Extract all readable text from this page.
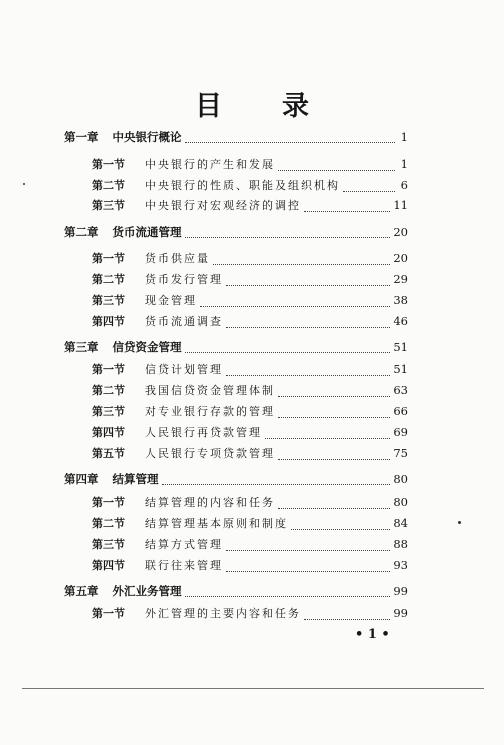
目 录
第一章 中央银行概论	1
第一节 中央银行的产生和发展	1
第二节 中央银行的性质、职能及组织机构	6
第三节 中央银行对宏观经济的调控	11
第二章 货币流通管理	20
第一节 货币供应量	20
第二节 货币发行管理	29
第三节 现金管理	38
第四节 货币流通调查	46
第三章 信贷资金管理	51
第一节 信贷计划管理	51
第二节 我国信贷资金管理体制	63
第三节 对专业银行存款的管理	66
第四节 人民银行再贷款管理	69
第五节 人民银行专项贷款管理	75
第四章 结算管理	80
第一节 结算管理的内容和任务	80
第二节 结算管理基本原则和制度	84
第三节 结算方式管理	88
第四节 联行往来管理	93
第五章 外汇业务管理	99
第一节 外汇管理的主要内容和任务	99
• 1 •
